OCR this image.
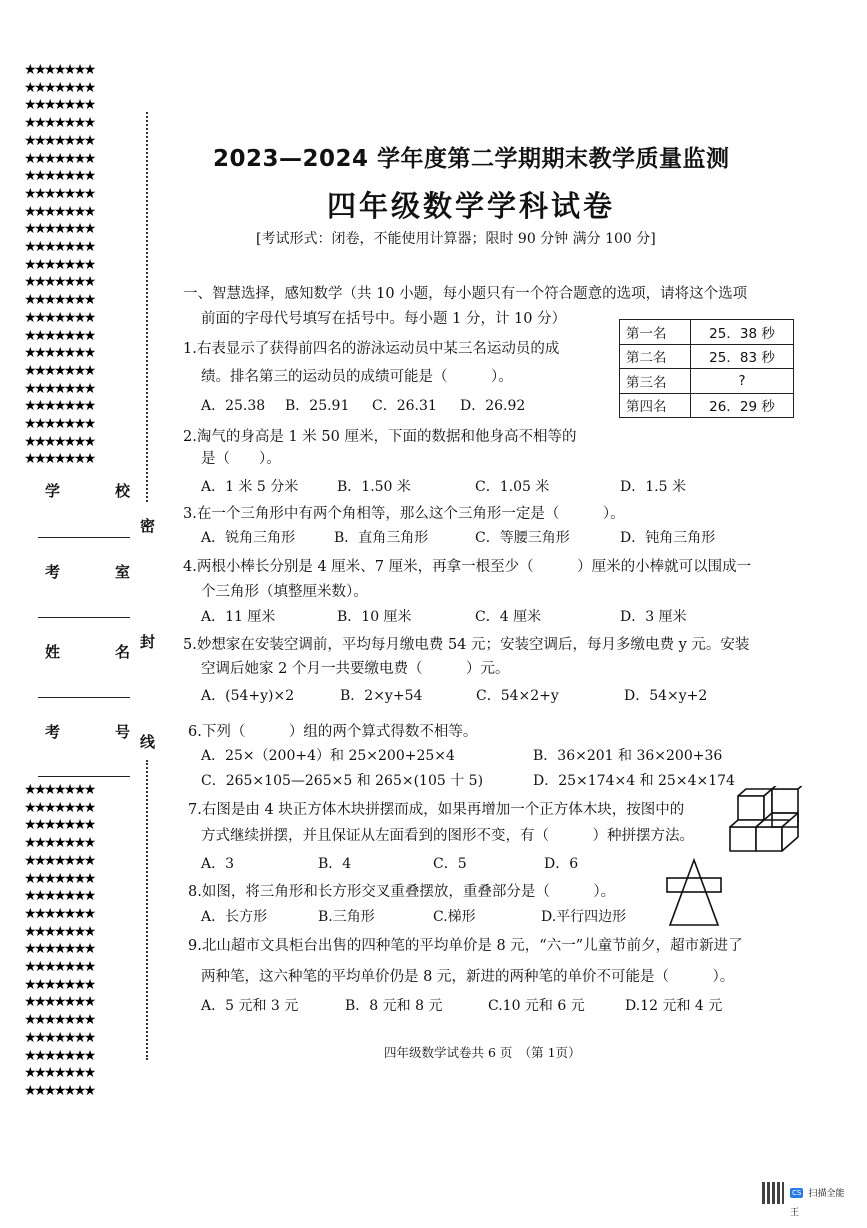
★★★★★★★
★★★★★★★
★★★★★★★
★★★★★★★
★★★★★★★
★★★★★★★
★★★★★★★
★★★★★★★
★★★★★★★
★★★★★★★
★★★★★★★
★★★★★★★
★★★★★★★
★★★★★★★
★★★★★★★
★★★★★★★
★★★★★★★
★★★★★★★
★★★★★★★
★★★★★★★
★★★★★★★
★★★★★★★
★★★★★★★
★★★★★★★
★★★★★★★
★★★★★★★
★★★★★★★
★★★★★★★
★★★★★★★
★★★★★★★
★★★★★★★
★★★★★★★
★★★★★★★
★★★★★★★
★★★★★★★
★★★★★★★
★★★★★★★
★★★★★★★
★★★★★★★
★★★★★★★
★★★★★★★
学	校
考	室
姓	名
考	号
密
封
线
2023—2024 学年度第二学期期末教学质量监测
四年级数学学科试卷
[考试形式：闭卷，不能使用计算器；限时 90 分钟 满分 100 分]
一、智慧选择，感知数学（共 10 小题，每小题只有一个符合题意的选项，请将这个选项
前面的字母代号填写在括号中。每小题 1 分，计 10 分）
第一名	25．38 秒
第二名	25．83 秒
第三名	?
第四名	26．29 秒
1.右表显示了获得前四名的游泳运动员中某三名运动员的成
绩。排名第三的运动员的成绩可能是（　　　）。
A．25.38 B．25.91 C．26.31 D．26.92
2.淘气的身高是 1 米 50 厘米，下面的数据和他身高不相等的
是（　　）。
A．1 米 5 分米	B．1.50 米	C．1.05 米	D．1.5 米
3.在一个三角形中有两个角相等，那么这个三角形一定是（　　　）。
A．锐角三角形	B．直角三角形	C．等腰三角形	D．钝角三角形
4.两根小棒长分别是 4 厘米、7 厘米，再拿一根至少（　　　）厘米的小棒就可以围成一
个三角形（填整厘米数）。
A．11 厘米	B．10 厘米	C．4 厘米	D．3 厘米
5.妙想家在安装空调前，平均每月缴电费 54 元；安装空调后，每月多缴电费 y 元。安装
空调后她家 2 个月一共要缴电费（　　　）元。
A．(54+y)×2	B．2×y+54	C．54×2+y	D．54×y+2
6.下列（　　　）组的两个算式得数不相等。
A．25×（200+4）和 25×200+25×4	B．36×201 和 36×200+36
C．265×105—265×5 和 265×(105 十 5)	D．25×174×4 和 25×4×174
7.右图是由 4 块正方体木块拼摆而成，如果再增加一个正方体木块，按图中的
方式继续拼摆，并且保证从左面看到的图形不变，有（　　　）种拼摆方法。
A．3	B．4	C．5	D．6
8.如图，将三角形和长方形交叉重叠摆放，重叠部分是（　　　）。
A．长方形	B.三角形	C.梯形	D.平行四边形
9.北山超市文具柜台出售的四种笔的平均单价是 8 元，“六一”儿童节前夕，超市新进了
两种笔，这六种笔的平均单价仍是 8 元，新进的两种笔的单价不可能是（　　　）。
A．5 元和 3 元	B．8 元和 8 元	C.10 元和 6 元	D.12 元和 4 元
四年级数学试卷共 6 页　（第 1页）
CS 扫描全能王
